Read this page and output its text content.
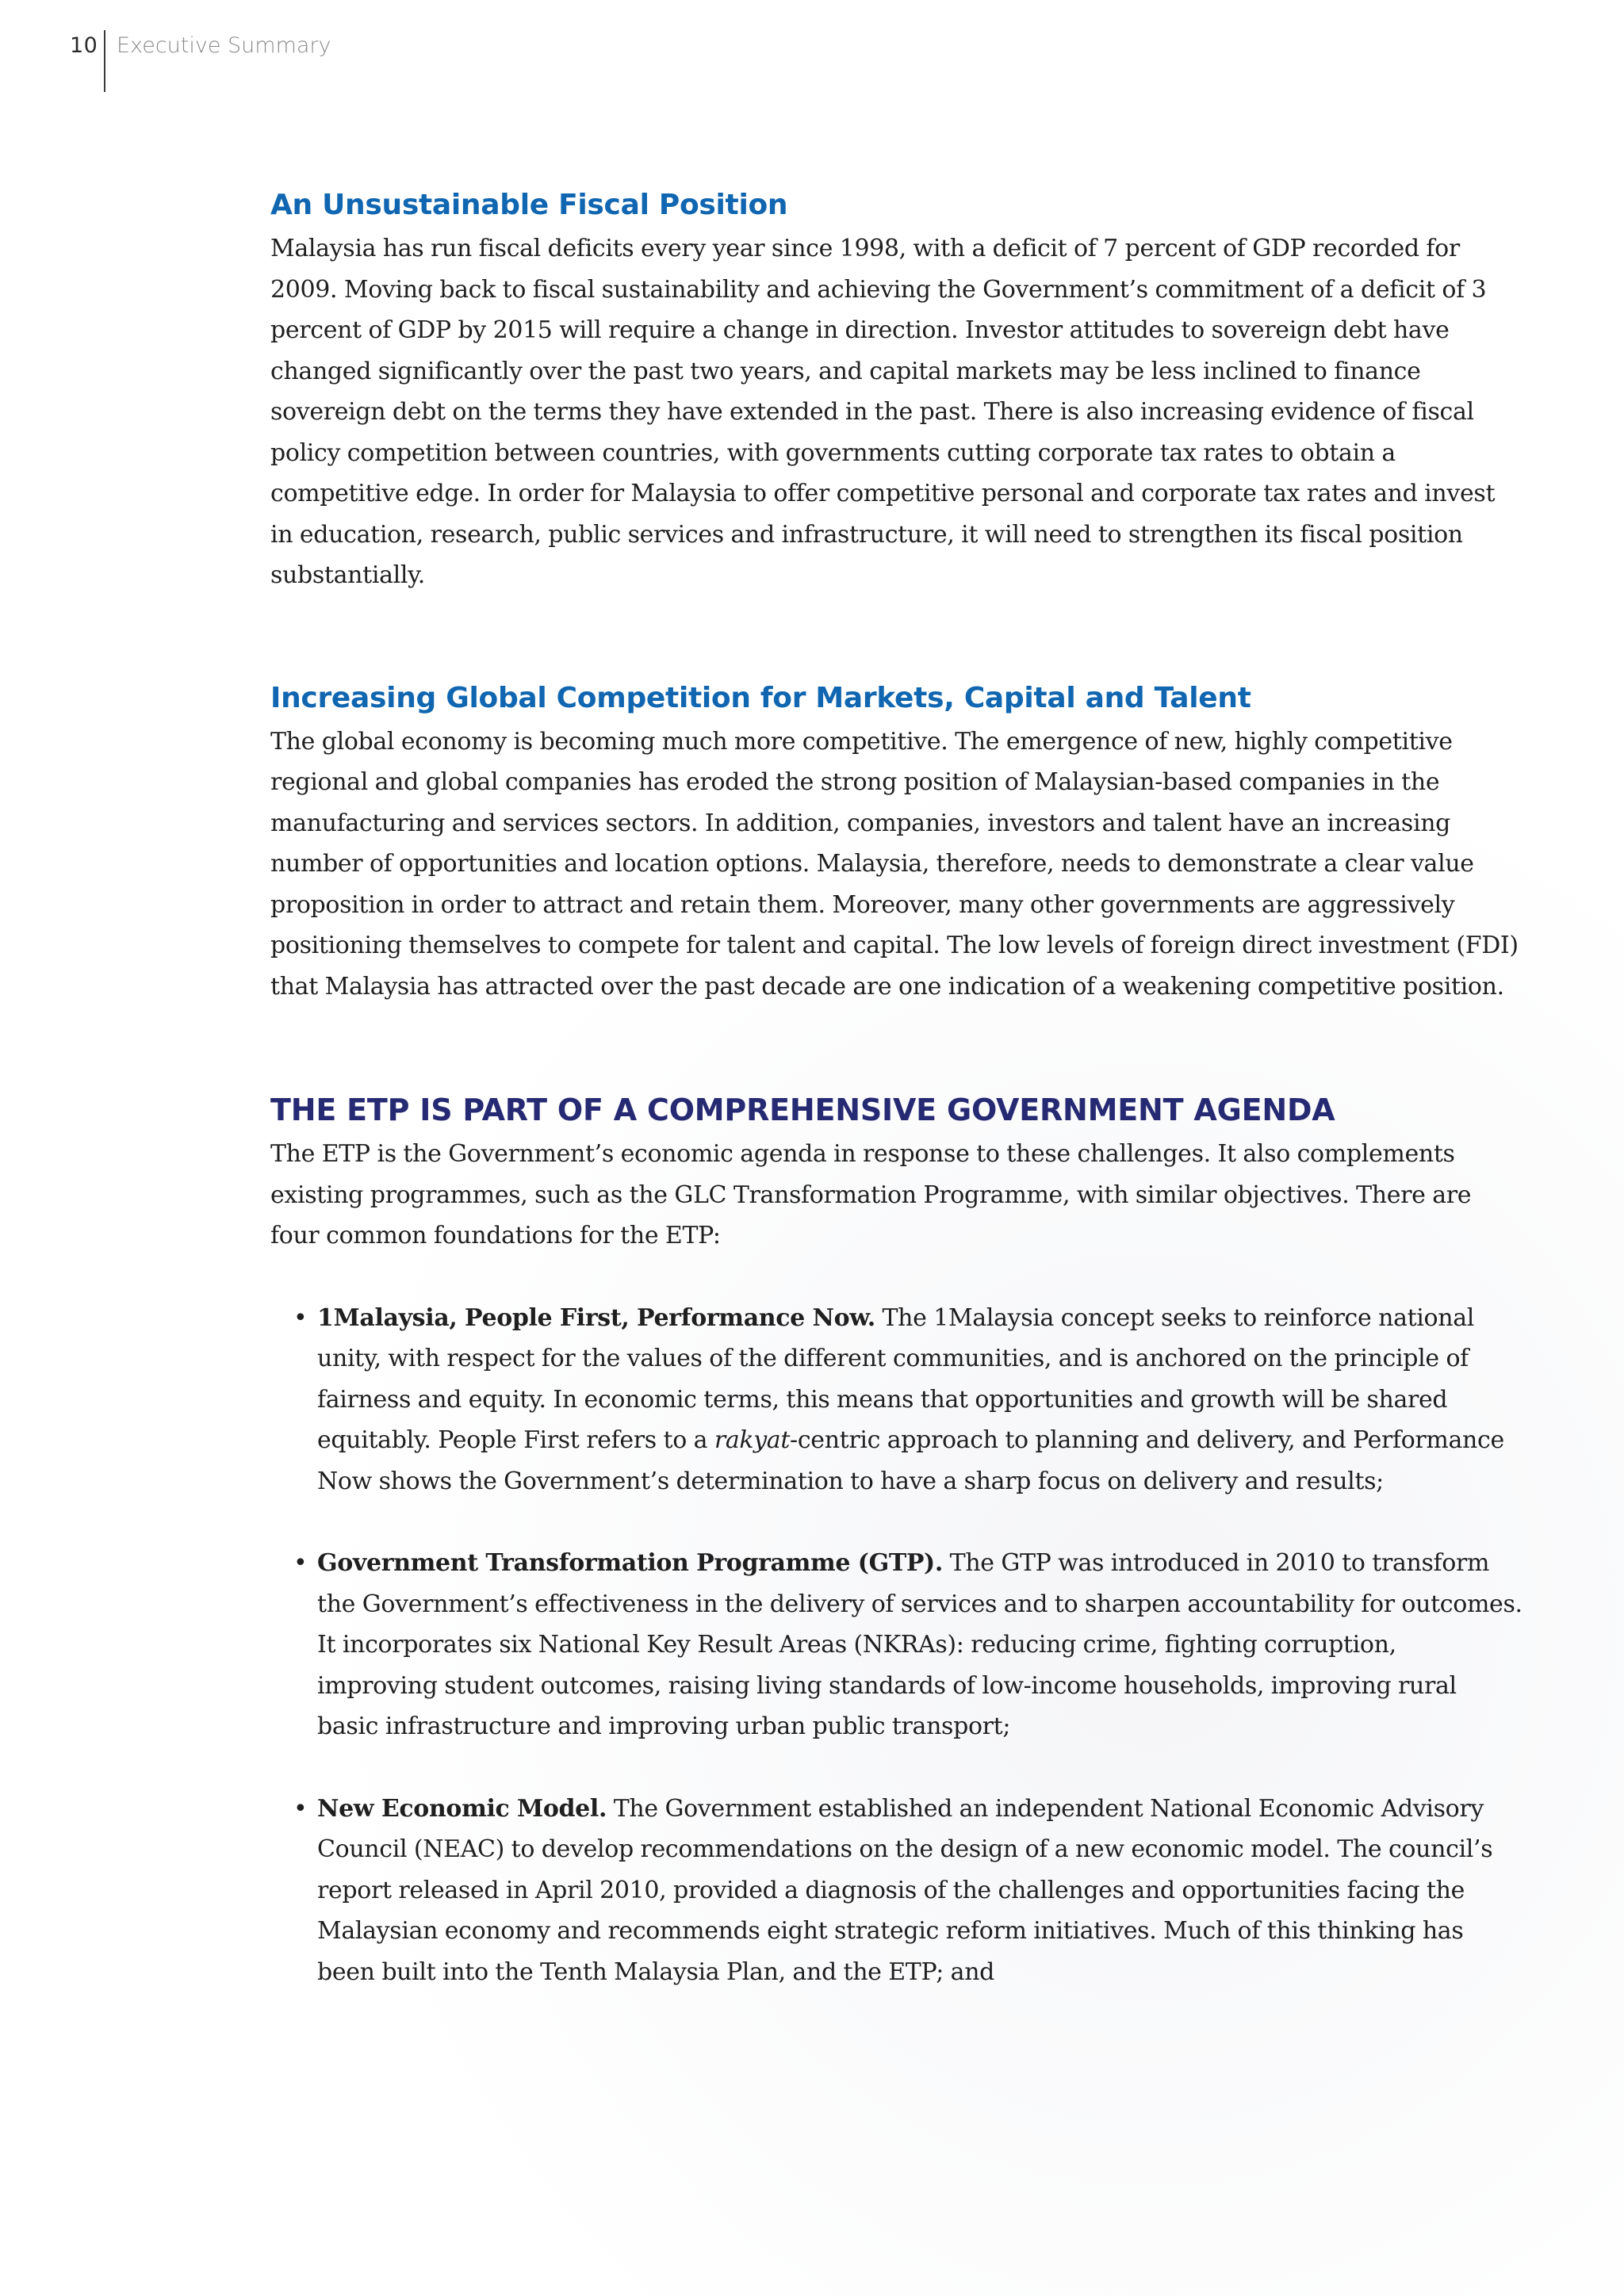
10 Executive Summary
An Unsustainable Fiscal Position

Malaysia has run fiscal deficits every year since 1998, with a deficit of 7 percent of GDP recorded for 2009. Moving back to fiscal sustainability and achieving the Government’s commitment of a deficit of 3 percent of GDP by 2015 will require a change in direction. Investor attitudes to sovereign debt have changed significantly over the past two years, and capital markets may be less inclined to finance sovereign debt on the terms they have extended in the past. There is also increasing evidence of fiscal policy competition between countries, with governments cutting corporate tax rates to obtain a competitive edge. In order for Malaysia to offer competitive personal and corporate tax rates and invest in education, research, public services and infrastructure, it will need to strengthen its fiscal position substantially.

Increasing Global Competition for Markets, Capital and Talent

The global economy is becoming much more competitive. The emergence of new, highly competitive regional and global companies has eroded the strong position of Malaysian-based companies in the manufacturing and services sectors. In addition, companies, investors and talent have an increasing number of opportunities and location options. Malaysia, therefore, needs to demonstrate a clear value proposition in order to attract and retain them. Moreover, many other governments are aggressively positioning themselves to compete for talent and capital. The low levels of foreign direct investment (FDI) that Malaysia has attracted over the past decade are one indication of a weakening competitive position.

THE ETP IS PART OF A COMPREHENSIVE GOVERNMENT AGENDA

The ETP is the Government’s economic agenda in response to these challenges. It also complements existing programmes, such as the GLC Transformation Programme, with similar objectives. There are four common foundations for the ETP:

• 1Malaysia, People First, Performance Now. The 1Malaysia concept seeks to reinforce national unity, with respect for the values of the different communities, and is anchored on the principle of fairness and equity. In economic terms, this means that opportunities and growth will be shared equitably. People First refers to a rakyat-centric approach to planning and delivery, and Performance Now shows the Government’s determination to have a sharp focus on delivery and results;

• Government Transformation Programme (GTP). The GTP was introduced in 2010 to transform the Government’s effectiveness in the delivery of services and to sharpen accountability for outcomes. It incorporates six National Key Result Areas (NKRAs): reducing crime, fighting corruption, improving student outcomes, raising living standards of low-income households, improving rural basic infrastructure and improving urban public transport;

• New Economic Model. The Government established an independent National Economic Advisory Council (NEAC) to develop recommendations on the design of a new economic model. The council’s report released in April 2010, provided a diagnosis of the challenges and opportunities facing the Malaysian economy and recommends eight strategic reform initiatives. Much of this thinking has been built into the Tenth Malaysia Plan, and the ETP; and
